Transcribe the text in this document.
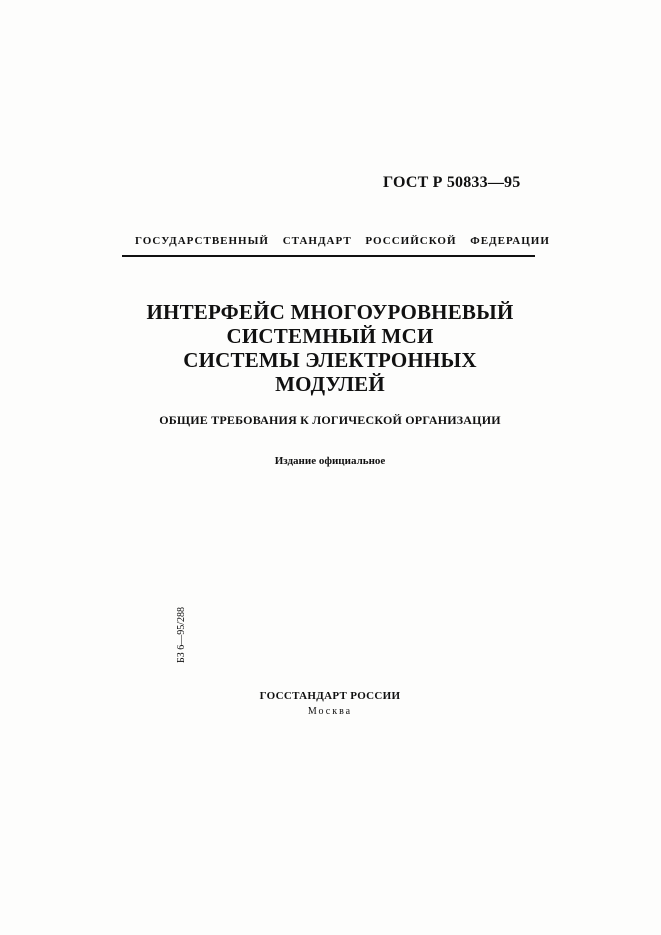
ГОСТ Р 50833—95
ГОСУДАРСТВЕННЫЙ СТАНДАРТ РОССИЙСКОЙ ФЕДЕРАЦИИ
ИНТЕРФЕЙС МНОГОУРОВНЕВЫЙ
СИСТЕМНЫЙ МСИ
СИСТЕМЫ ЭЛЕКТРОННЫХ
МОДУЛЕЙ
ОБЩИЕ ТРЕБОВАНИЯ К ЛОГИЧЕСКОЙ ОРГАНИЗАЦИИ
Издание официальное
БЗ 6—95/288
ГОССТАНДАРТ РОССИИ
Москва
